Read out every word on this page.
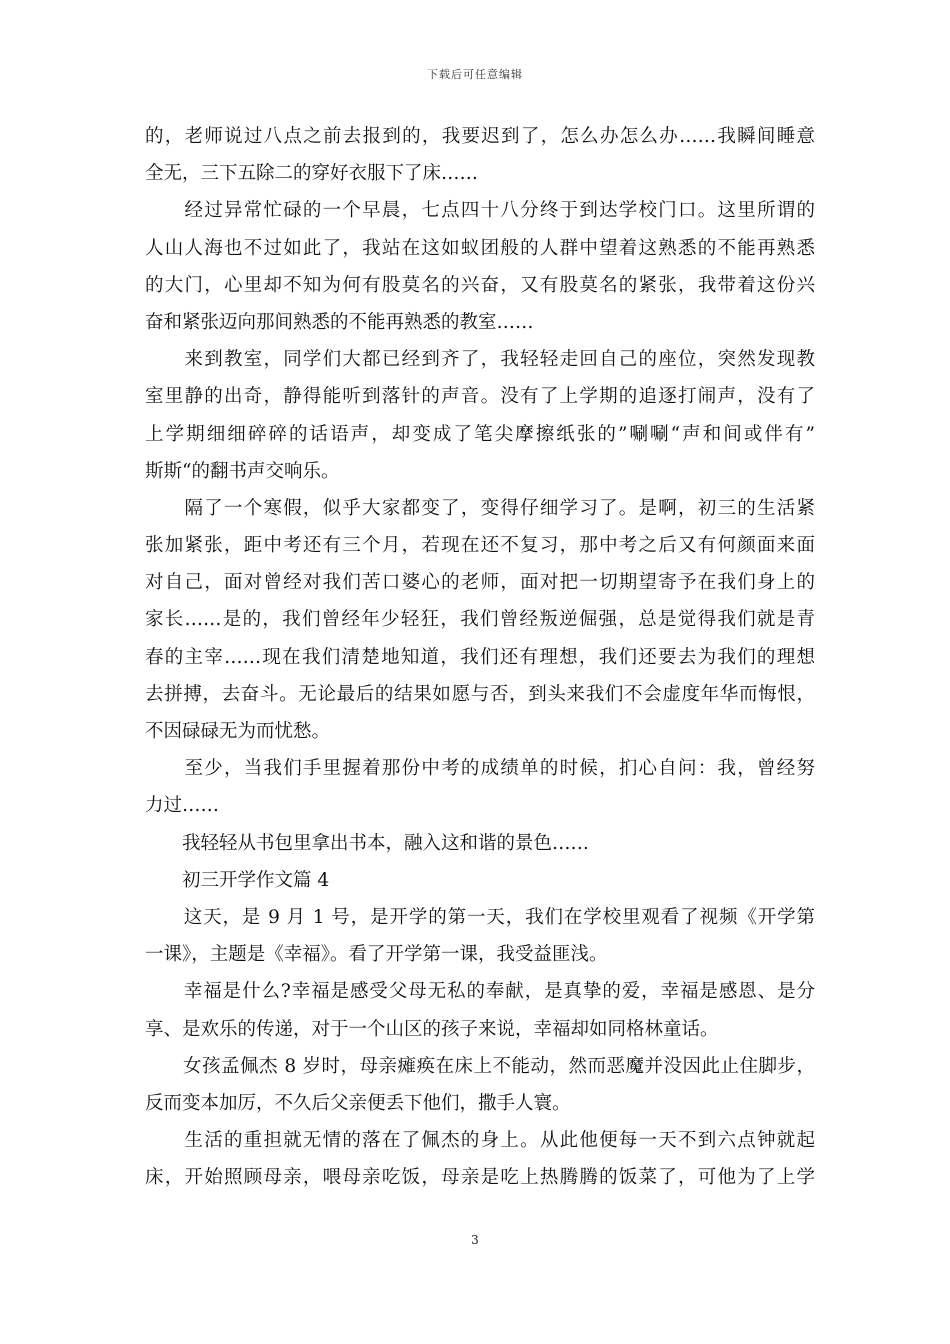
下载后可任意编辑
的，老师说过八点之前去报到的，我要迟到了，怎么办怎么办……我瞬间睡意
全无，三下五除二的穿好衣服下了床……
　　经过异常忙碌的一个早晨，七点四十八分终于到达学校门口。这里所谓的
人山人海也不过如此了，我站在这如蚁团般的人群中望着这熟悉的不能再熟悉
的大门，心里却不知为何有股莫名的兴奋，又有股莫名的紧张，我带着这份兴
奋和紧张迈向那间熟悉的不能再熟悉的教室……
　　来到教室，同学们大都已经到齐了，我轻轻走回自己的座位，突然发现教
室里静的出奇，静得能听到落针的声音。没有了上学期的追逐打闹声，没有了
上学期细细碎碎的话语声，却变成了笔尖摩擦纸张的”唰唰“声和间或伴有”
斯斯“的翻书声交响乐。
　　隔了一个寒假，似乎大家都变了，变得仔细学习了。是啊，初三的生活紧
张加紧张，距中考还有三个月，若现在还不复习，那中考之后又有何颜面来面
对自己，面对曾经对我们苦口婆心的老师，面对把一切期望寄予在我们身上的
家长……是的，我们曾经年少轻狂，我们曾经叛逆倔强，总是觉得我们就是青
春的主宰……现在我们清楚地知道，我们还有理想，我们还要去为我们的理想
去拼搏，去奋斗。无论最后的结果如愿与否，到头来我们不会虚度年华而悔恨，
不因碌碌无为而忧愁。
　　至少，当我们手里握着那份中考的成绩单的时候，扪心自问：我，曾经努
力过……
　　我轻轻从书包里拿出书本，融入这和谐的景色……
　　初三开学作文篇 4
　　这天，是 9 月 1 号，是开学的第一天，我们在学校里观看了视频《开学第
一课》，主题是《幸福》。看了开学第一课，我受益匪浅。
　　幸福是什么?幸福是感受父母无私的奉献，是真挚的爱，幸福是感恩、是分
享、是欢乐的传递，对于一个山区的孩子来说，幸福却如同格林童话。
　　女孩孟佩杰 8 岁时，母亲瘫痪在床上不能动，然而恶魔并没因此止住脚步，
反而变本加厉，不久后父亲便丢下他们，撒手人寰。
　　生活的重担就无情的落在了佩杰的身上。从此他便每一天不到六点钟就起
床，开始照顾母亲，喂母亲吃饭，母亲是吃上热腾腾的饭菜了，可他为了上学
3
